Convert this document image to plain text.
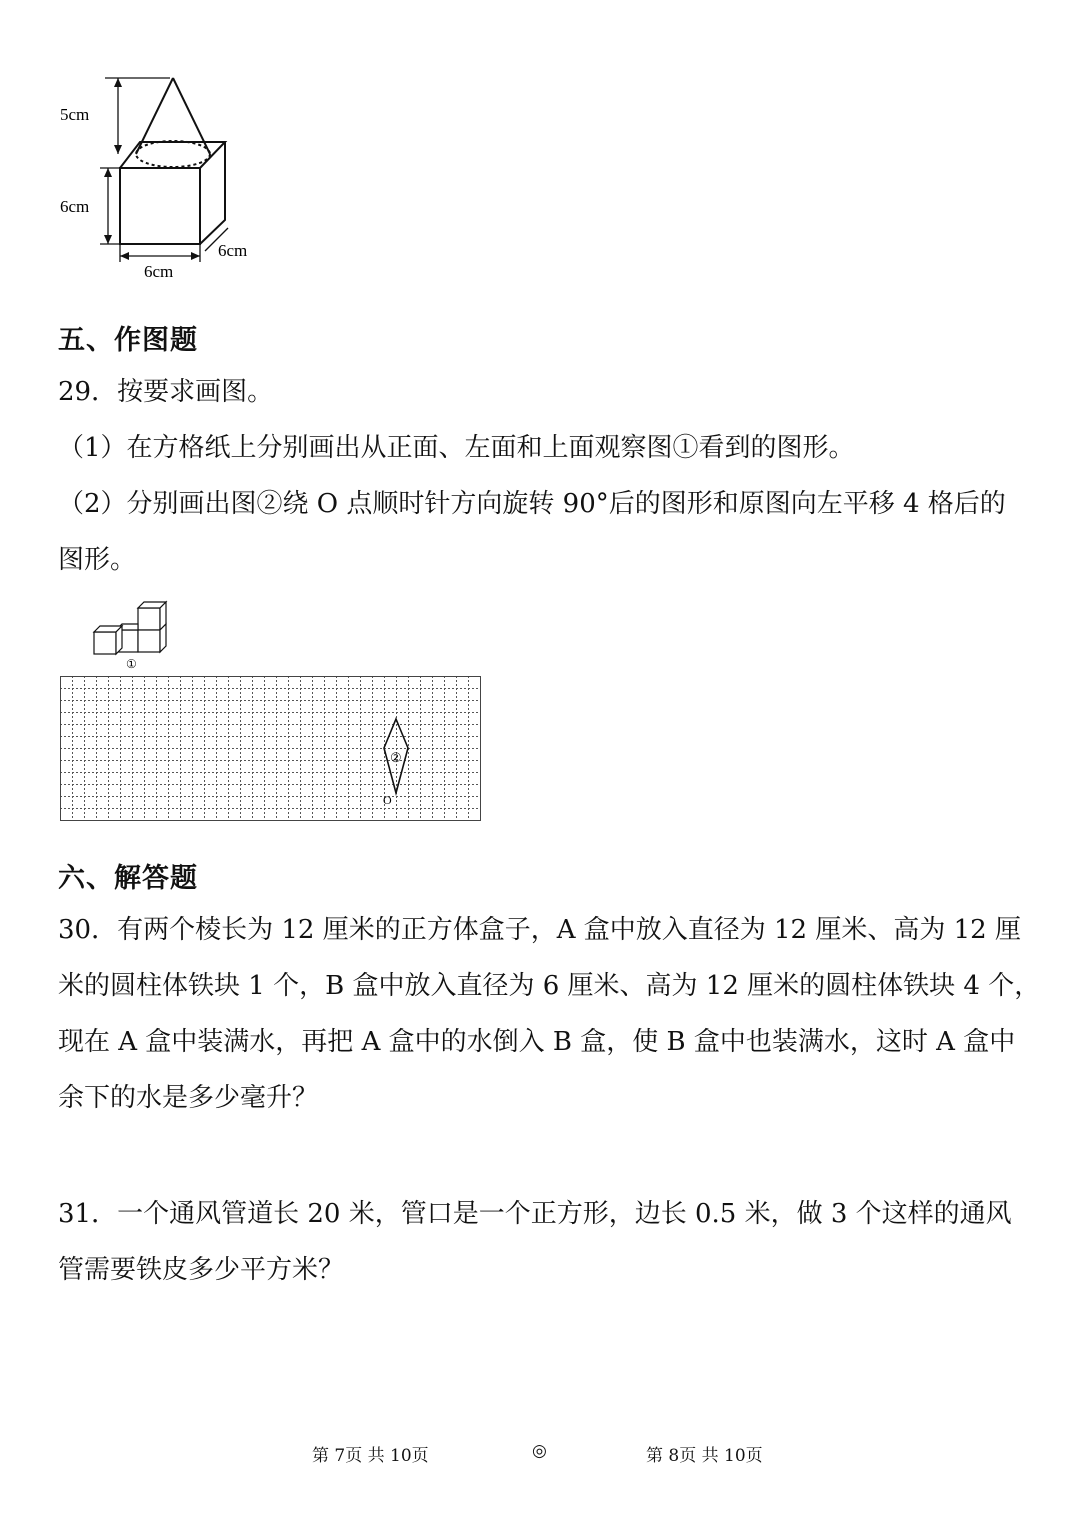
5cm
6cm
6cm
6cm
五、作图题
29．按要求画图。
（1）在方格纸上分别画出从正面、左面和上面观察图①看到的图形。
（2）分别画出图②绕 O 点顺时针方向旋转 90°后的图形和原图向左平移 4 格后的
图形。
①
②
O
六、解答题
30．有两个棱长为 12 厘米的正方体盒子，A 盒中放入直径为 12 厘米、高为 12 厘
米的圆柱体铁块 1 个，B 盒中放入直径为 6 厘米、高为 12 厘米的圆柱体铁块 4 个，
现在 A 盒中装满水，再把 A 盒中的水倒入 B 盒，使 B 盒中也装满水，这时 A 盒中
余下的水是多少毫升？
31．一个通风管道长 20 米，管口是一个正方形，边长 0.5 米，做 3 个这样的通风
管需要铁皮多少平方米？
第 7页 共 10页	◎	第 8页 共 10页
